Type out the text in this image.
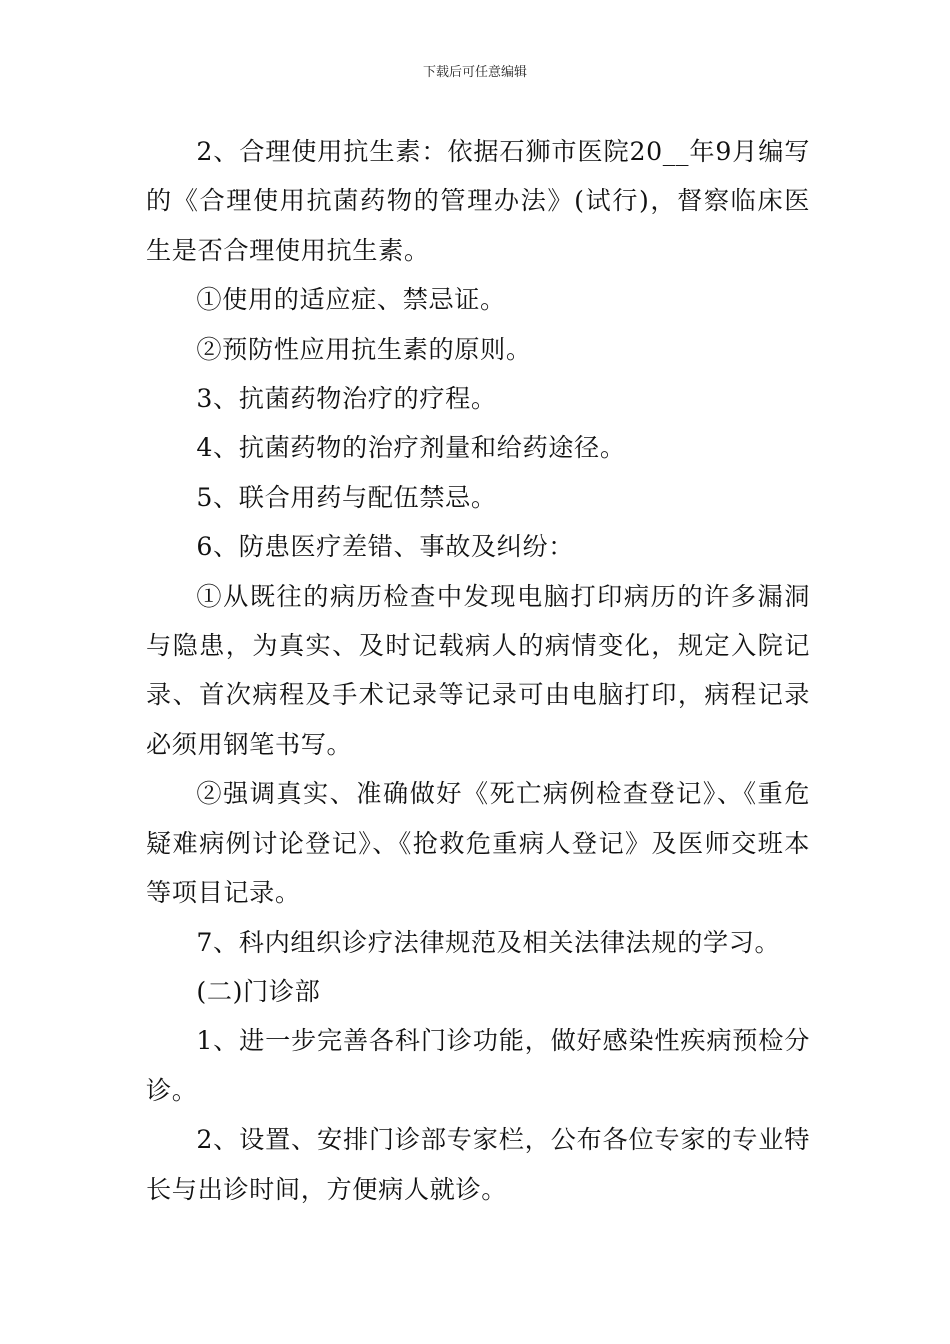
下载后可任意编辑

2、合理使用抗生素：依据石狮市医院20__年9月编写的《合理使用抗菌药物的管理办法》(试行)，督察临床医生是否合理使用抗生素。

①使用的适应症、禁忌证。

②预防性应用抗生素的原则。

3、抗菌药物治疗的疗程。

4、抗菌药物的治疗剂量和给药途径。

5、联合用药与配伍禁忌。

6、防患医疗差错、事故及纠纷：

①从既往的病历检查中发现电脑打印病历的许多漏洞与隐患，为真实、及时记载病人的病情变化，规定入院记录、首次病程及手术记录等记录可由电脑打印，病程记录必须用钢笔书写。

②强调真实、准确做好《死亡病例检查登记》、《重危疑难病例讨论登记》、《抢救危重病人登记》及医师交班本等项目记录。

7、科内组织诊疗法律规范及相关法律法规的学习。

(二)门诊部

1、进一步完善各科门诊功能，做好感染性疾病预检分诊。

2、设置、安排门诊部专家栏，公布各位专家的专业特长与出诊时间，方便病人就诊。
